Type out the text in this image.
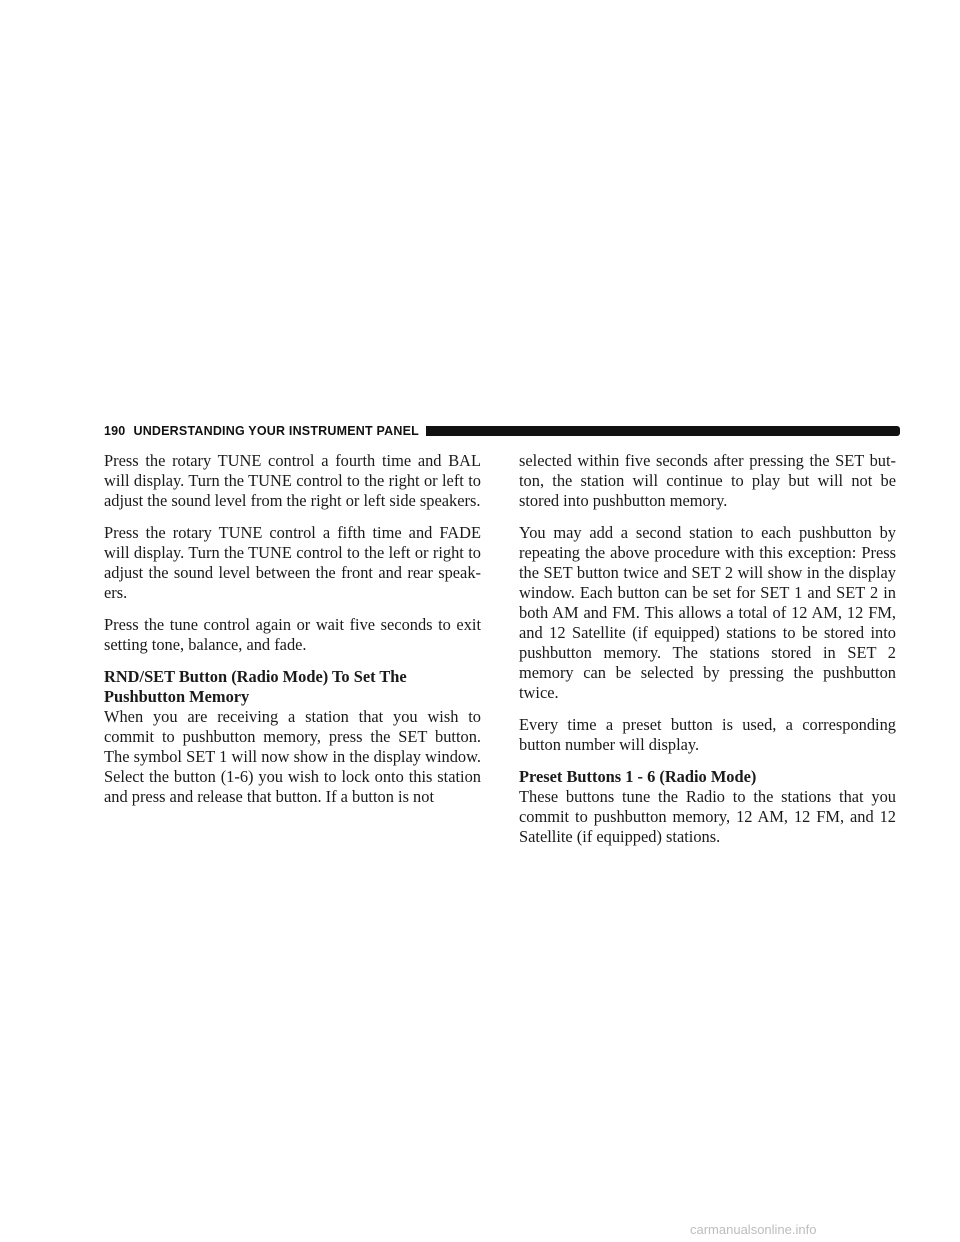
190 UNDERSTANDING YOUR INSTRUMENT PANEL

Press the rotary TUNE control a fourth time and BAL will display. Turn the TUNE control to the right or left to adjust the sound level from the right or left side speakers.

Press the rotary TUNE control a fifth time and FADE will display. Turn the TUNE control to the left or right to adjust the sound level between the front and rear speakers.

Press the tune control again or wait five seconds to exit setting tone, balance, and fade.

RND/SET Button (Radio Mode) To Set The Pushbutton Memory

When you are receiving a station that you wish to commit to pushbutton memory, press the SET button. The symbol SET 1 will now show in the display window. Select the button (1-6) you wish to lock onto this station and press and release that button. If a button is not

selected within five seconds after pressing the SET button, the station will continue to play but will not be stored into pushbutton memory.

You may add a second station to each pushbutton by repeating the above procedure with this exception: Press the SET button twice and SET 2 will show in the display window. Each button can be set for SET 1 and SET 2 in both AM and FM. This allows a total of 12 AM, 12 FM, and 12 Satellite (if equipped) stations to be stored into pushbutton memory. The stations stored in SET 2 memory can be selected by pressing the pushbutton twice.

Every time a preset button is used, a corresponding button number will display.

Preset Buttons 1 - 6 (Radio Mode)

These buttons tune the Radio to the stations that you commit to pushbutton memory, 12 AM, 12 FM, and 12 Satellite (if equipped) stations.

carmanualsonline.info
